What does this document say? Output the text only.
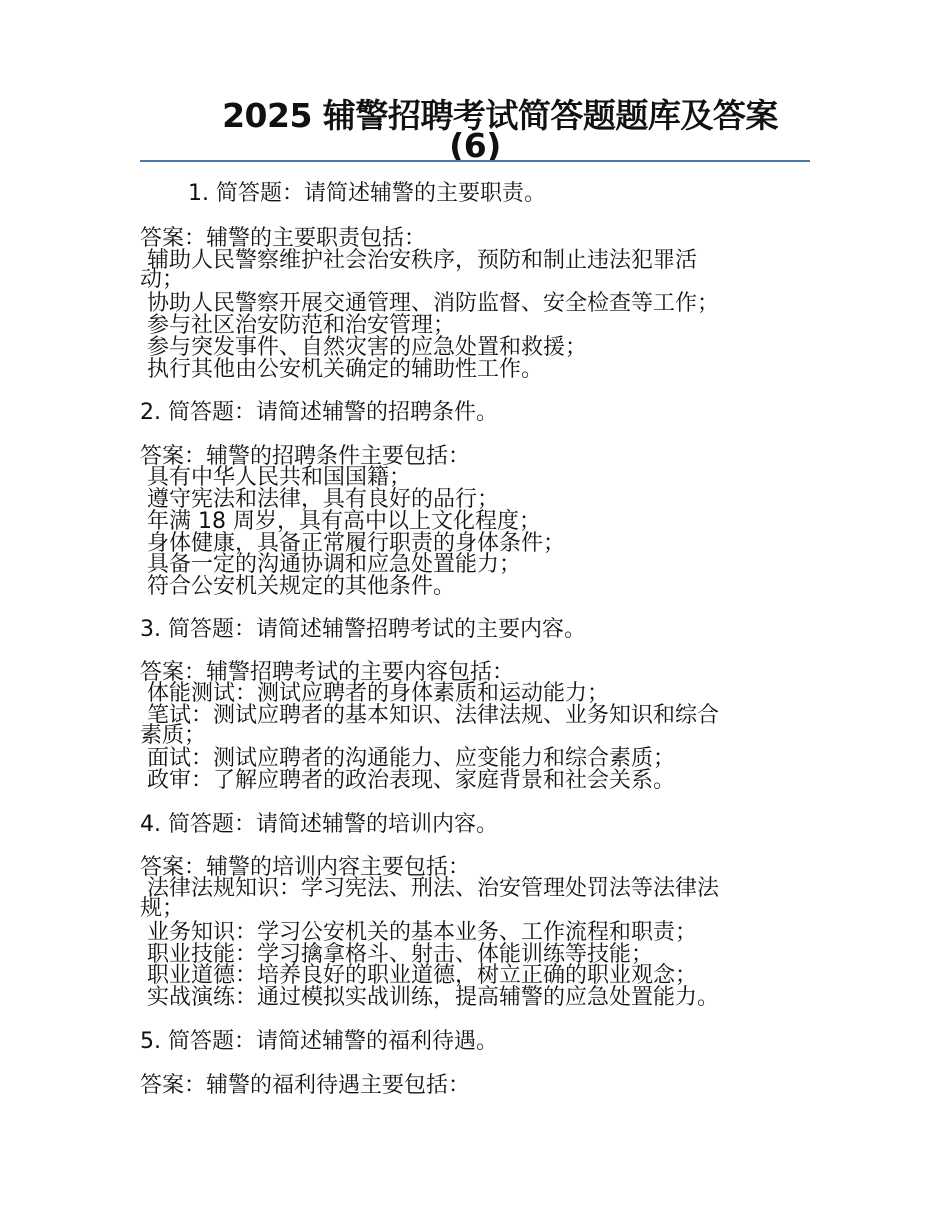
2025 辅警招聘考试简答题题库及答案
(6)
1. 简答题：请简述辅警的主要职责。
答案：辅警的主要职责包括：
辅助人民警察维护社会治安秩序，预防和制止违法犯罪活
动；
协助人民警察开展交通管理、消防监督、安全检查等工作；
参与社区治安防范和治安管理；
参与突发事件、自然灾害的应急处置和救援；
执行其他由公安机关确定的辅助性工作。
2. 简答题：请简述辅警的招聘条件。
答案：辅警的招聘条件主要包括：
具有中华人民共和国国籍；
遵守宪法和法律，具有良好的品行；
年满 18 周岁，具有高中以上文化程度；
身体健康，具备正常履行职责的身体条件；
具备一定的沟通协调和应急处置能力；
符合公安机关规定的其他条件。
3. 简答题：请简述辅警招聘考试的主要内容。
答案：辅警招聘考试的主要内容包括：
体能测试：测试应聘者的身体素质和运动能力；
笔试：测试应聘者的基本知识、法律法规、业务知识和综合
素质；
面试：测试应聘者的沟通能力、应变能力和综合素质；
政审：了解应聘者的政治表现、家庭背景和社会关系。
4. 简答题：请简述辅警的培训内容。
答案：辅警的培训内容主要包括：
法律法规知识：学习宪法、刑法、治安管理处罚法等法律法
规；
业务知识：学习公安机关的基本业务、工作流程和职责；
职业技能：学习擒拿格斗、射击、体能训练等技能；
职业道德：培养良好的职业道德，树立正确的职业观念；
实战演练：通过模拟实战训练，提高辅警的应急处置能力。
5. 简答题：请简述辅警的福利待遇。
答案：辅警的福利待遇主要包括：
